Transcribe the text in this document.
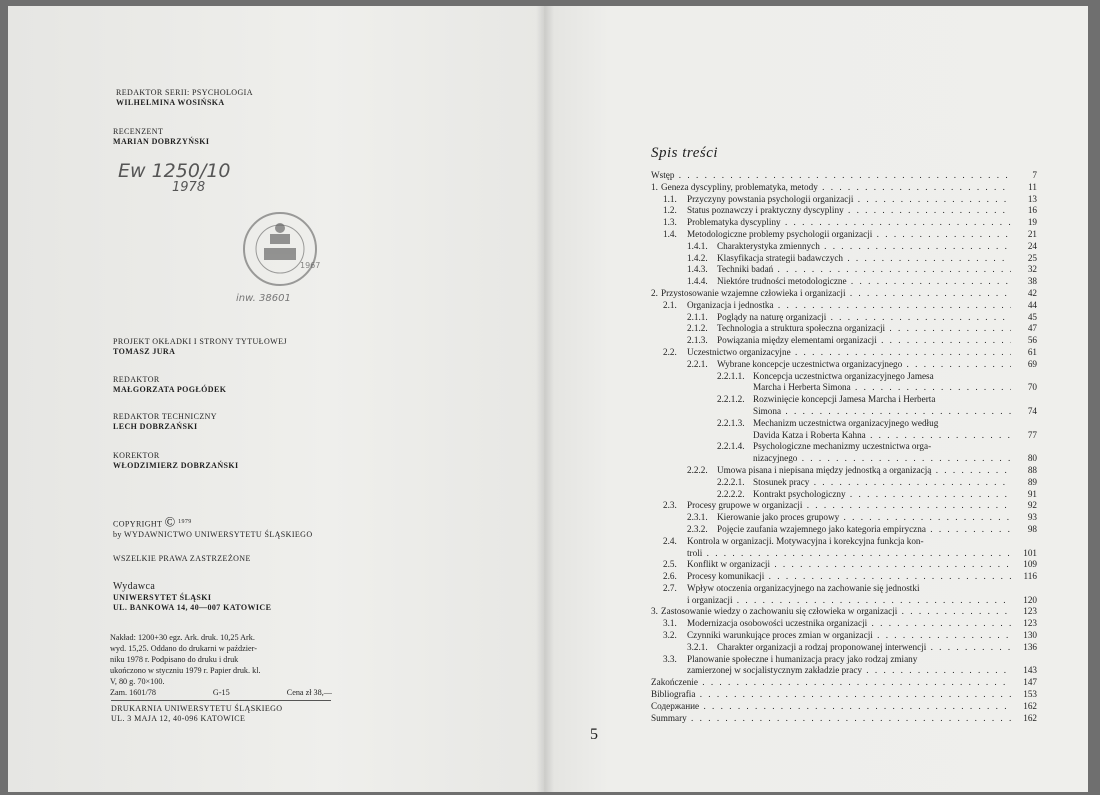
REDAKTOR SERII: PSYCHOLOGIA
WILHELMINA WOSIŃSKA
RECENZENT
MARIAN DOBRZYŃSKI
Ew 1250/10
1978
1967
inw. 38601
PROJEKT OKŁADKI I STRONY TYTUŁOWEJ
TOMASZ JURA
REDAKTOR
MAŁGORZATA POGŁÓDEK
REDAKTOR TECHNICZNY
LECH DOBRZAŃSKI
KOREKTOR
WŁODZIMIERZ DOBRZAŃSKI
COPYRIGHT © $^{1979}$
by WYDAWNICTWO UNIWERSYTETU ŚLĄSKIEGO
WSZELKIE PRAWA ZASTRZEŻONE
Wydawca
UNIWERSYTET ŚLĄSKI
UL. BANKOWA 14, 40—007 KATOWICE
Nakład: 1200+30 egz. Ark. druk. 10,25 Ark.
wyd. 15,25. Oddano do drukarni w paździer-
niku 1978 r. Podpisano do druku i druk
ukończono w styczniu 1979 r. Papier druk. kl.
V, 80 g. 70×100.
Zam. 1601/78	G-15	Cena zł 38,—
DRUKARNIA UNIWERSYTETU ŚLĄSKIEGO
UL. 3 MAJA 12, 40-096 KATOWICE
5
Spis treści
Wstęp . . .	7
1. Geneza dyscypliny, problematyka, metody . . .	11
1.1.	Przyczyny powstania psychologii organizacji . . .	13
1.2.	Status poznawczy i praktyczny dyscypliny . . .	16
1.3.	Problematyka dyscypliny . . .	19
1.4.	Metodologiczne problemy psychologii organizacji . . .	21
1.4.1.	Charakterystyka zmiennych . . .	24
1.4.2.	Klasyfikacja strategii badawczych . . .	25
1.4.3.	Techniki badań . . .	32
1.4.4.	Niektóre trudności metodologiczne . . .	38
2. Przystosowanie wzajemne człowieka i organizacji . . .	42
2.1.	Organizacja i jednostka . . .	44
2.1.1.	Poglądy na naturę organizacji . . .	45
2.1.2.	Technologia a struktura społeczna organizacji . . .	47
2.1.3.	Powiązania między elementami organizacji . . .	56
2.2.	Uczestnictwo organizacyjne . . .	61
2.2.1.	Wybrane koncepcje uczestnictwa organizacyjnego . . .	69
2.2.1.1. Koncepcja uczestnictwa organizacyjnego Jamesa
Marcha i Herberta Simona . . .	70
2.2.1.2. Rozwinięcie koncepcji Jamesa Marcha i Herberta
Simona . . .	74
2.2.1.3. Mechanizm uczestnictwa organizacyjnego według
Davida Katza i Roberta Kahna . . .	77
2.2.1.4. Psychologiczne mechanizmy uczestnictwa orga-
nizacyjnego . . .	80
2.2.2.	Umowa pisana i niepisana między jednostką a organizacją . . .	88
2.2.2.1. Stosunek pracy . . .	89
2.2.2.2. Kontrakt psychologiczny . . .	91
2.3.	Procesy grupowe w organizacji . . .	92
2.3.1.	Kierowanie jako proces grupowy . . .	93
2.3.2.	Pojęcie zaufania wzajemnego jako kategoria empiryczna . . .	98
2.4.	Kontrola w organizacji. Motywacyjna i korekcyjna funkcja kon-
troli . . .	101
2.5.	Konflikt w organizacji . . .	109
2.6.	Procesy komunikacji . . .	116
2.7.	Wpływ otoczenia organizacyjnego na zachowanie się jednostki
i organizacji . . .	120
3. Zastosowanie wiedzy o zachowaniu się człowieka w organizacji . . .	123
3.1.	Modernizacja osobowości uczestnika organizacji . . .	123
3.2.	Czynniki warunkujące proces zmian w organizacji . . .	130
3.2.1.	Charakter organizacji a rodzaj proponowanej interwencji . . .	136
3.3.	Planowanie społeczne i humanizacja pracy jako rodzaj zmiany
zamierzonej w socjalistycznym zakładzie pracy . . .	143
Zakończenie . . .	147
Bibliografia . . .	153
Содержание . . .	162
Summary . . .	162
